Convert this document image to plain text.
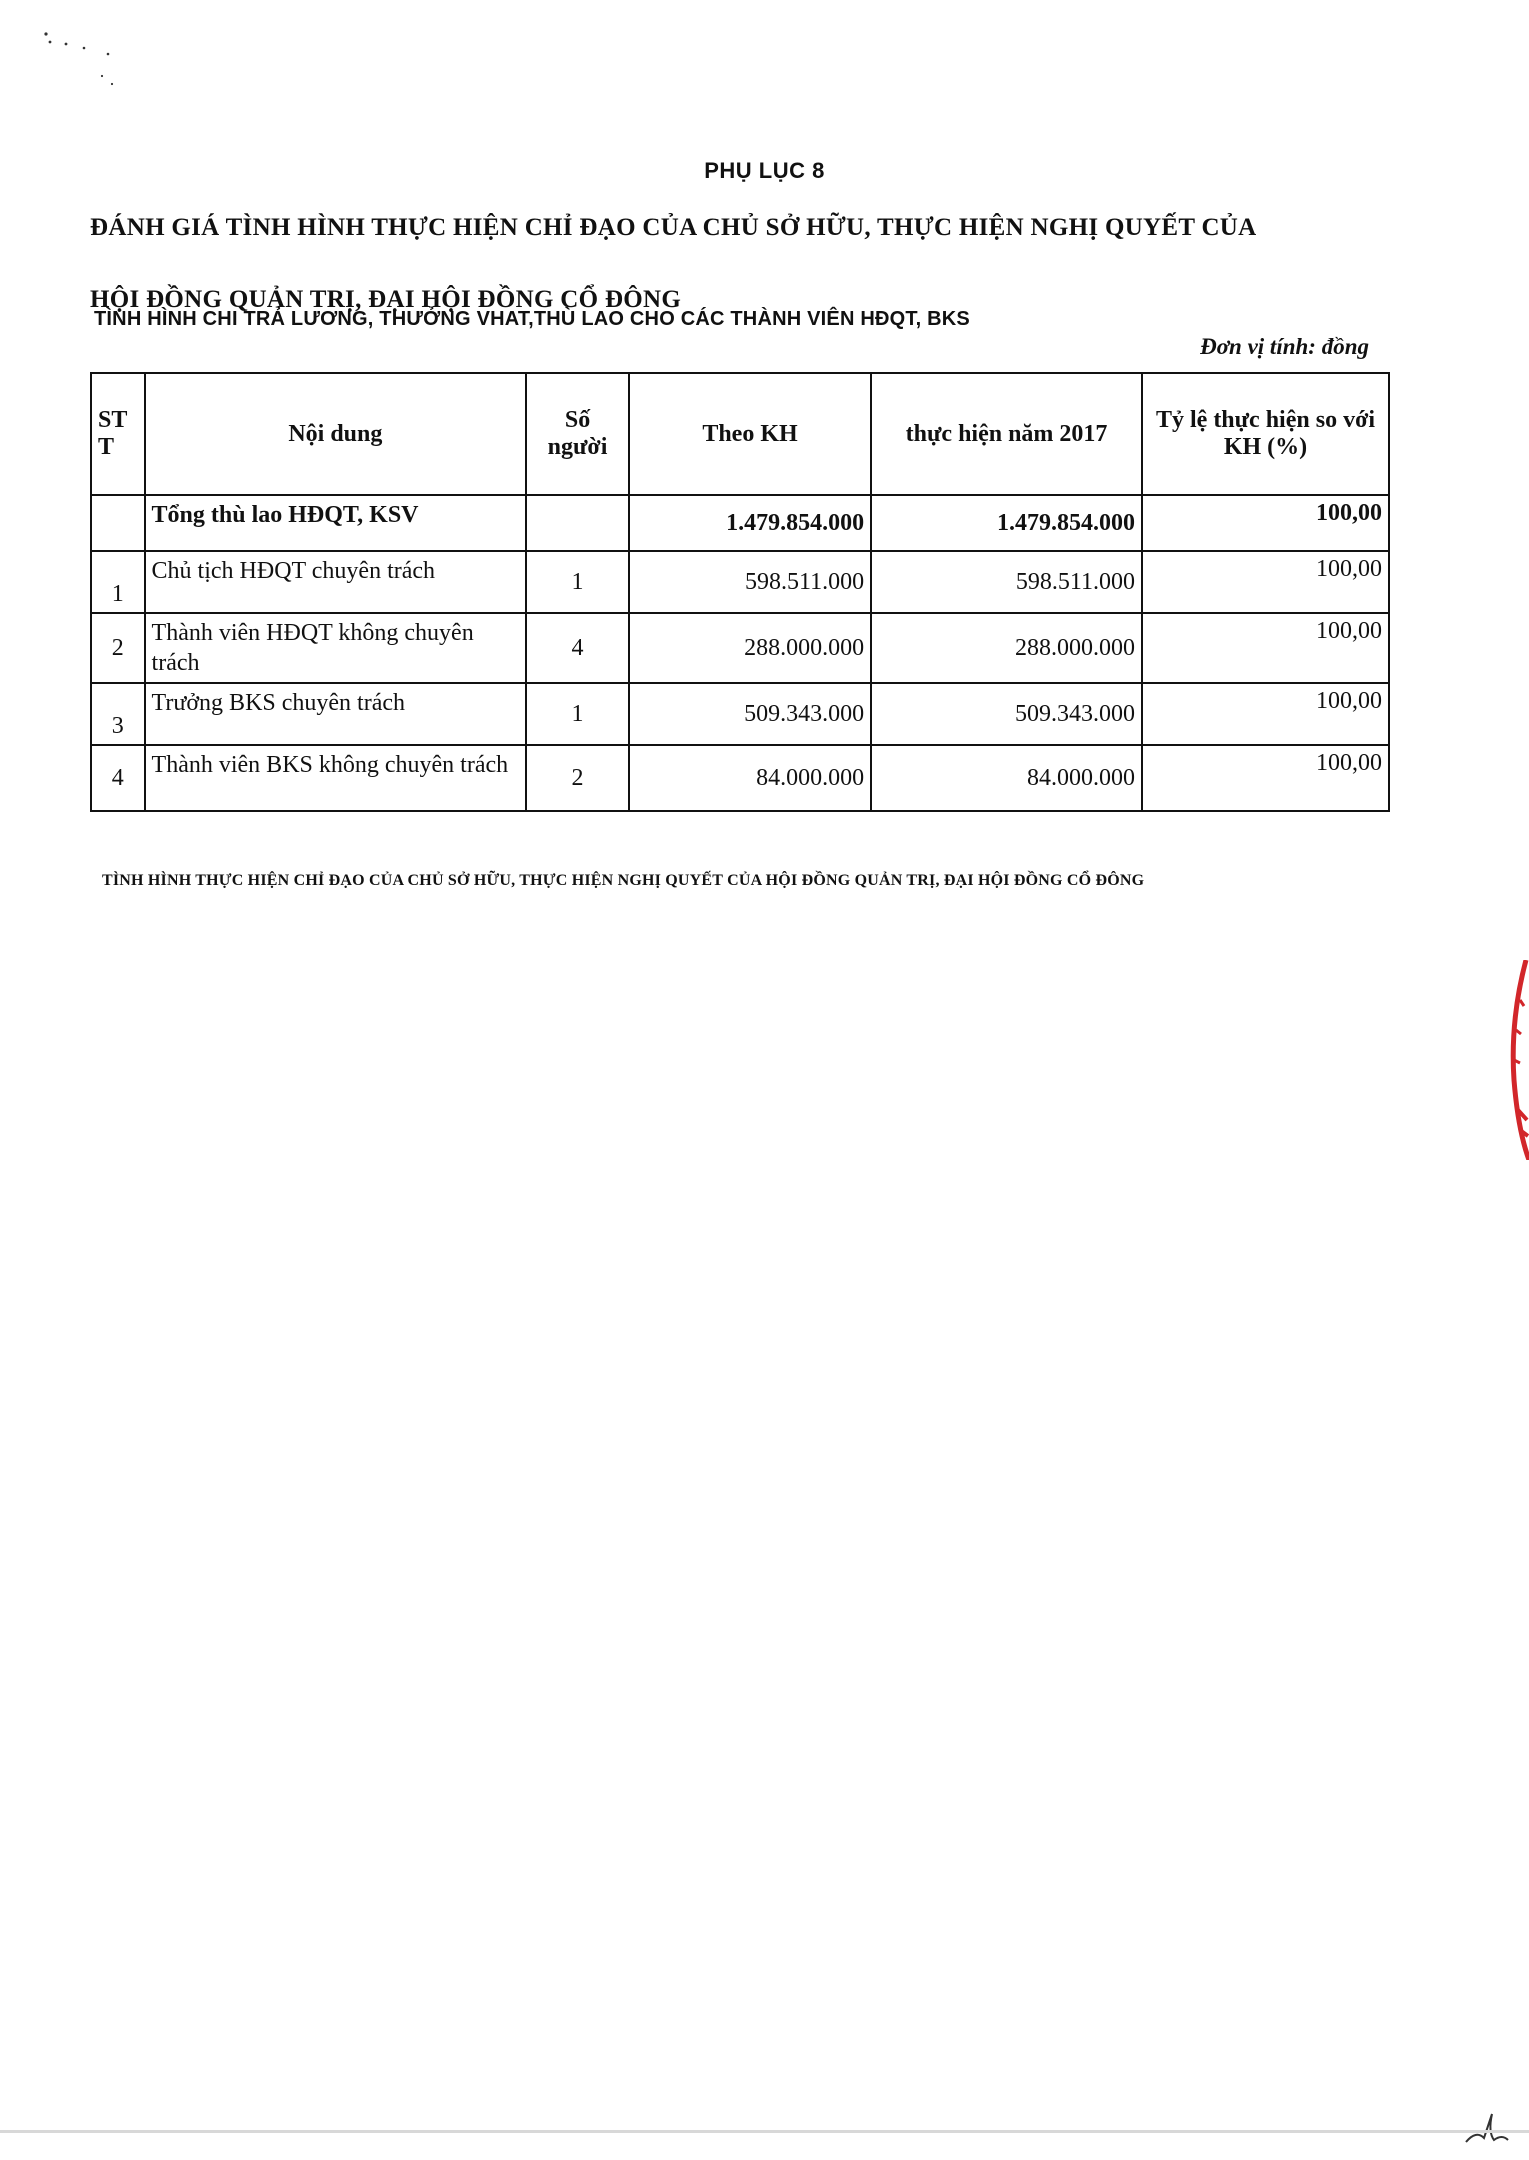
PHỤ LỤC 8
ĐÁNH GIÁ TÌNH HÌNH THỰC HIỆN CHỈ ĐẠO CỦA CHỦ SỞ HỮU, THỰC HIỆN NGHỊ QUYẾT CỦA HỘI ĐỒNG QUẢN TRỊ, ĐẠI HỘI ĐỒNG CỔ ĐÔNG
TÌNH HÌNH CHI TRẢ LƯƠNG, THƯỞNG VHAT,THÙ LAO CHO CÁC THÀNH VIÊN HĐQT, BKS
Đơn vị tính: đồng
ST T	Nội dung	Số người	Theo KH	thực hiện năm 2017	Tỷ lệ thực hiện so với KH (%)
	Tổng thù lao HĐQT, KSV		1.479.854.000	1.479.854.000	100,00
1	Chủ tịch HĐQT chuyên trách	1	598.511.000	598.511.000	100,00
2	Thành viên HĐQT không chuyên trách	4	288.000.000	288.000.000	100,00
3	Trưởng BKS chuyên trách	1	509.343.000	509.343.000	100,00
4	Thành viên BKS không chuyên trách	2	84.000.000	84.000.000	100,00
TÌNH HÌNH THỰC HIỆN CHỈ ĐẠO CỦA CHỦ SỞ HỮU, THỰC HIỆN NGHỊ QUYẾT CỦA HỘI ĐỒNG QUẢN TRỊ, ĐẠI HỘI ĐỒNG CỔ ĐÔNG
